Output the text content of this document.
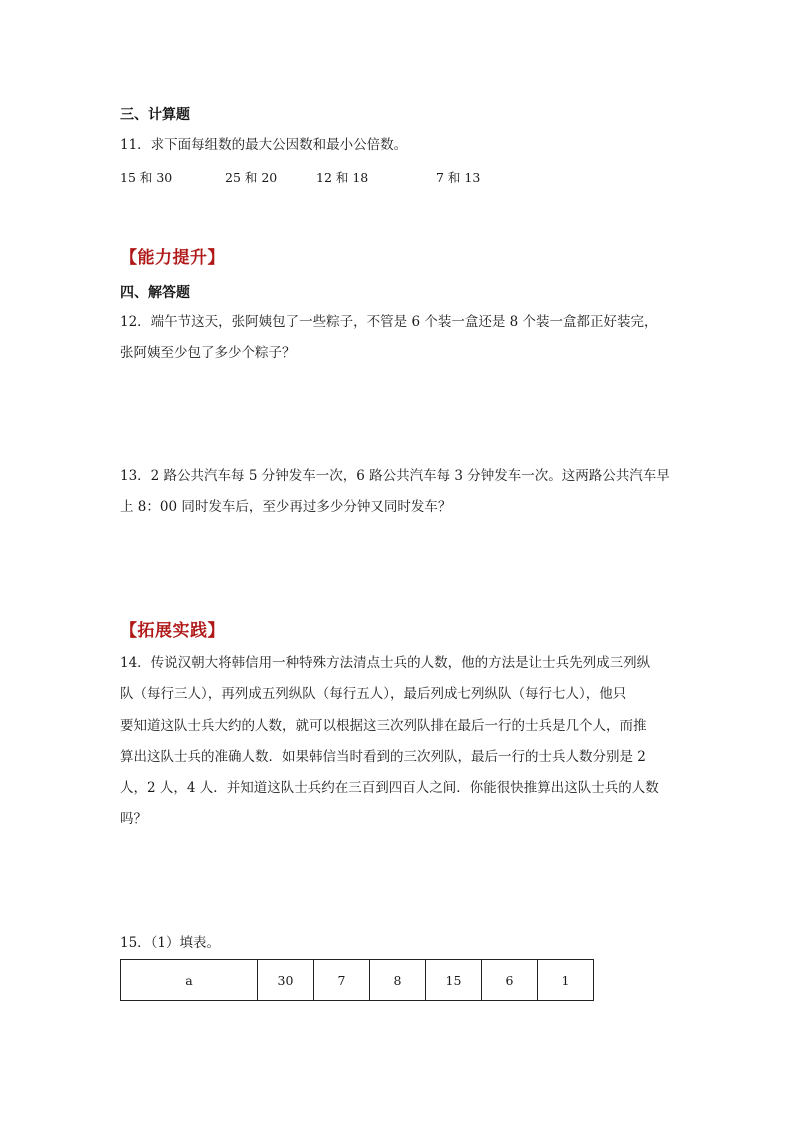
三、计算题
11．求下面每组数的最大公因数和最小公倍数。
15 和 30	25 和 20	12 和 18	7 和 13
【能力提升】
四、解答题
12．端午节这天，张阿姨包了一些粽子，不管是 6 个装一盒还是 8 个装一盒都正好装完，
张阿姨至少包了多少个粽子？
13．2 路公共汽车每 5 分钟发车一次，6 路公共汽车每 3 分钟发车一次。这两路公共汽车早
上 8：00 同时发车后，至少再过多少分钟又同时发车？
【拓展实践】
14．传说汉朝大将韩信用一种特殊方法清点士兵的人数，他的方法是让士兵先列成三列纵
队（每行三人），再列成五列纵队（每行五人），最后列成七列纵队（每行七人），他只
要知道这队士兵大约的人数，就可以根据这三次列队排在最后一行的士兵是几个人，而推
算出这队士兵的准确人数．如果韩信当时看到的三次列队，最后一行的士兵人数分别是 2
人，2 人，4 人．并知道这队士兵约在三百到四百人之间．你能很快推算出这队士兵的人数
吗？
15．（1）填表。
a	30	7	8	15	6	1
